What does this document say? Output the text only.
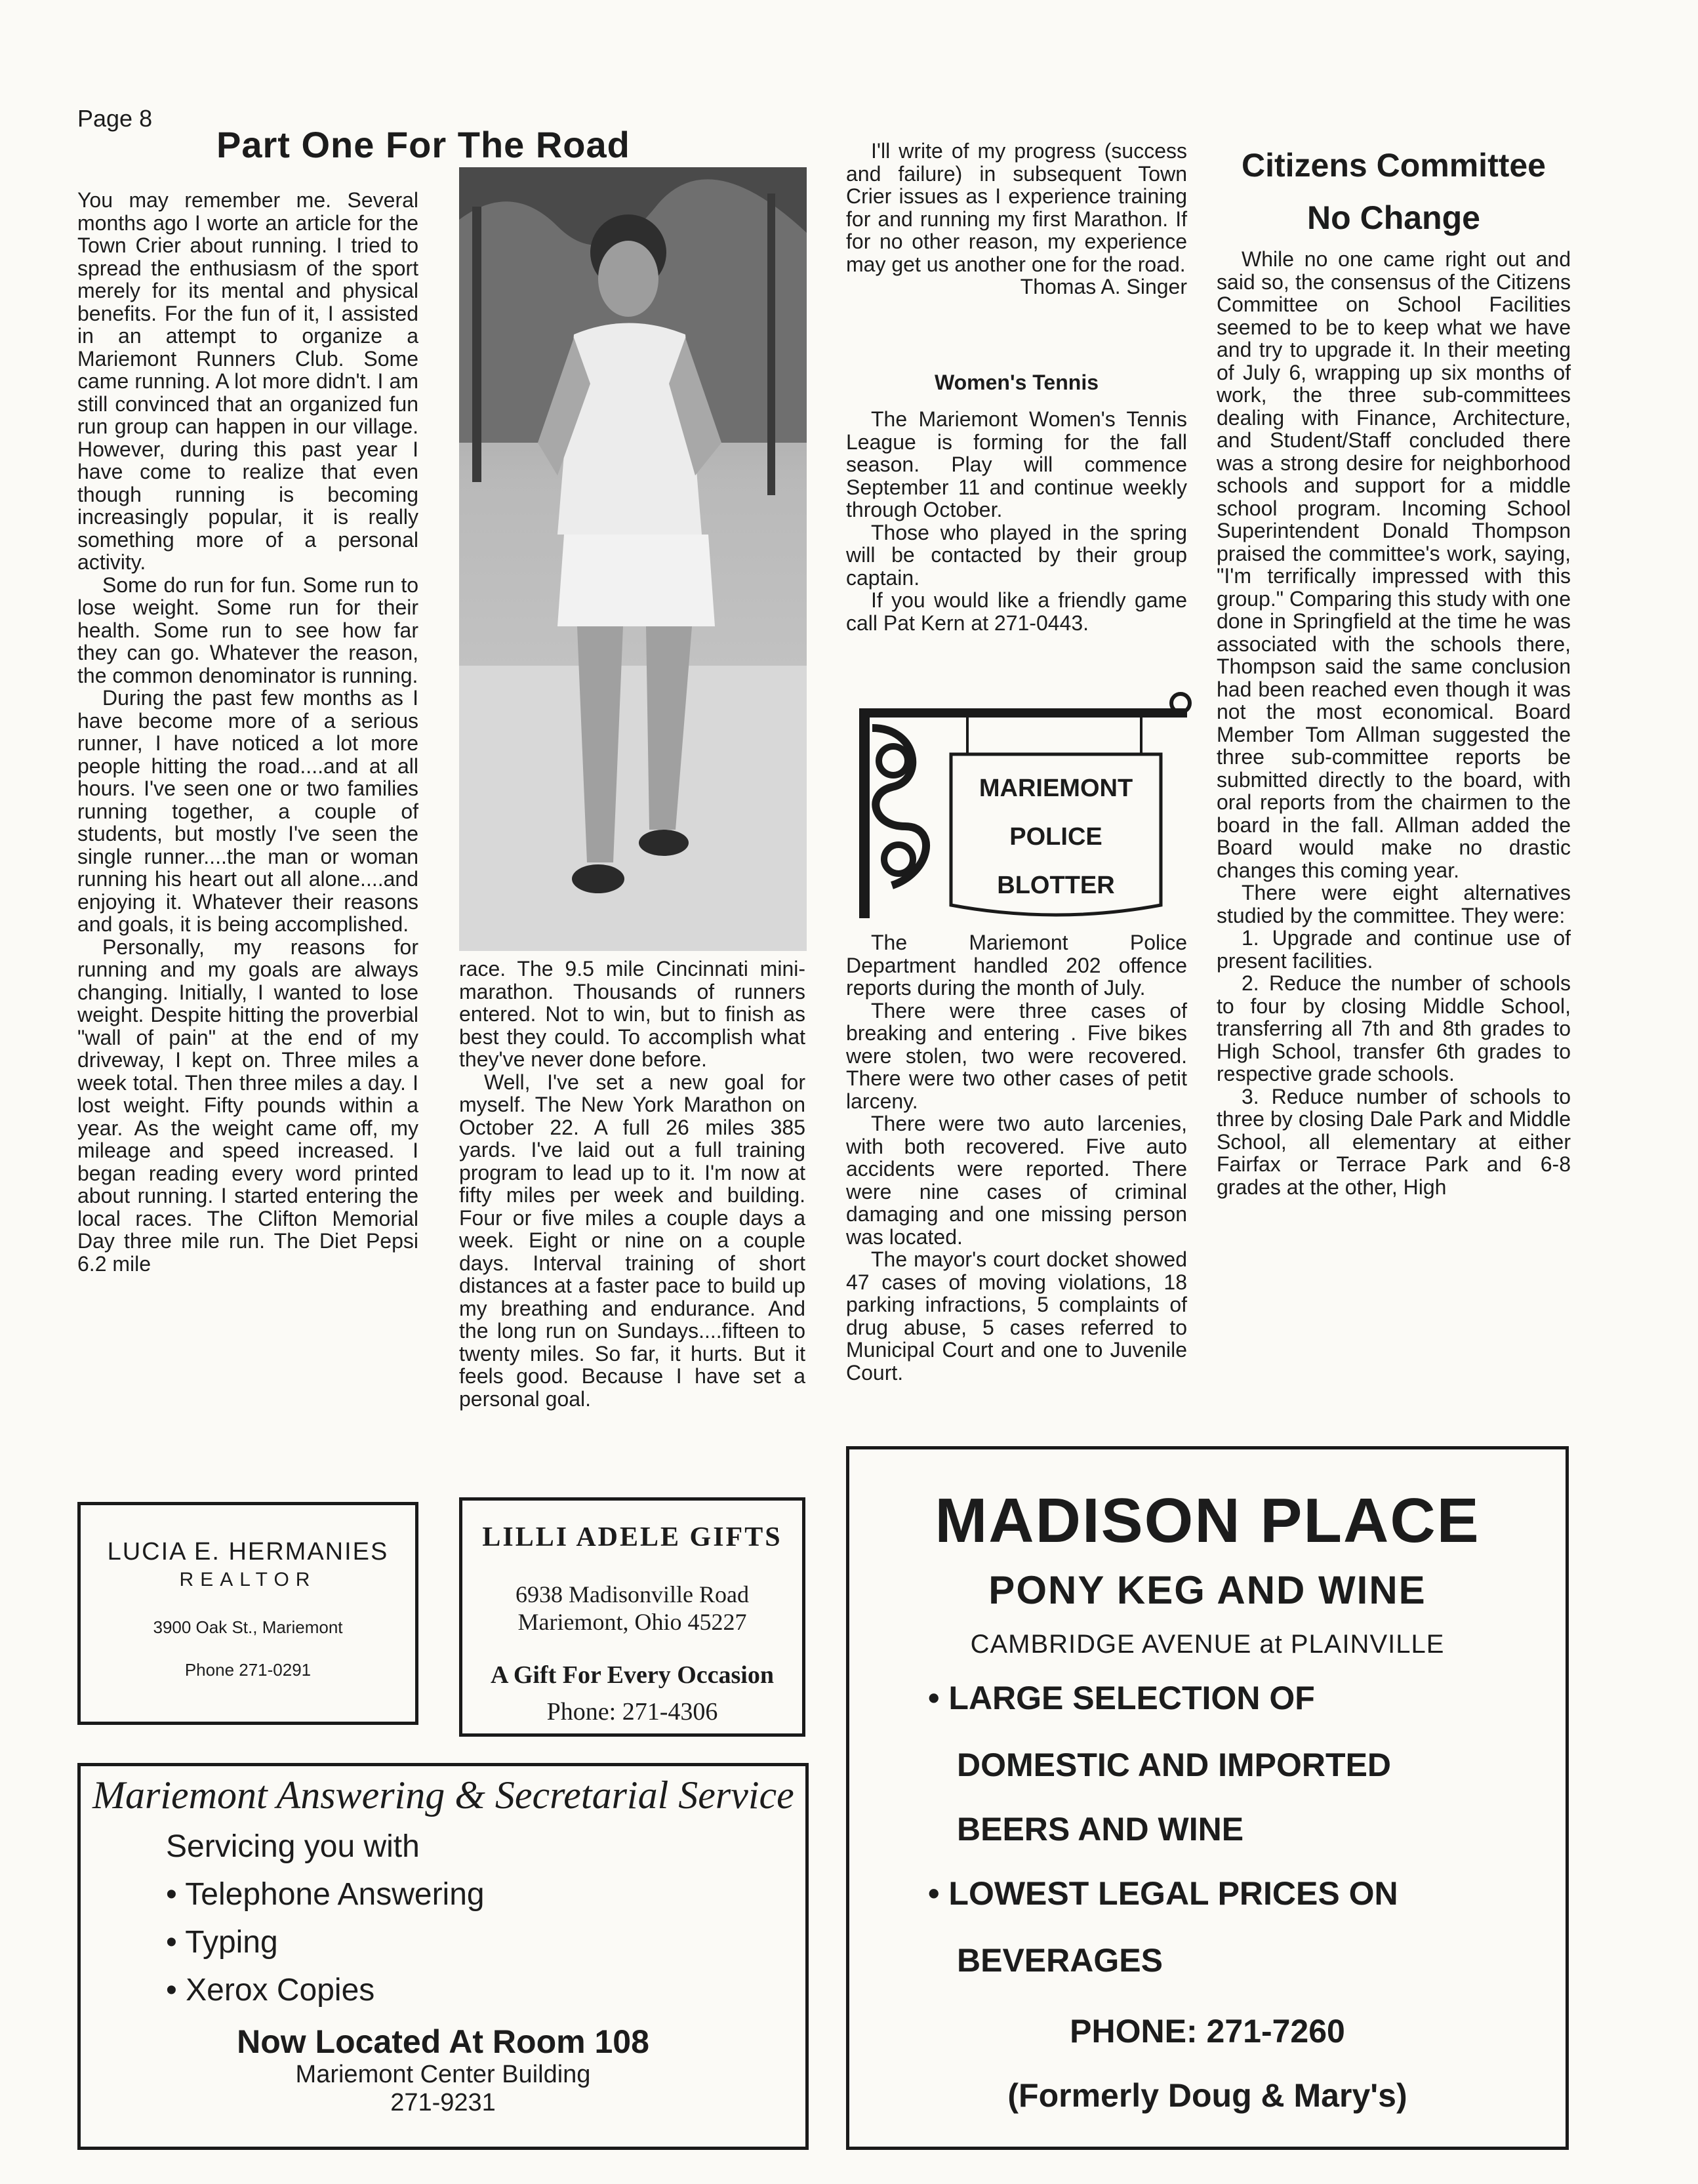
Page 8
Part One For The Road

You may remember me. Several months ago I worte an article for the Town Crier about running. I tried to spread the enthusiasm of the sport merely for its mental and physical benefits. For the fun of it, I assisted in an attempt to organize a Mariemont Runners Club. Some came running. A lot more didn't. I am still convinced that an organized fun run group can happen in our village. However, during this past year I have come to realize that even though running is becoming increasingly popular, it is really something more of a personal activity.

Some do run for fun. Some run to lose weight. Some run for their health. Some run to see how far they can go. Whatever the reason, the common denominator is running.

During the past few months as I have become more of a serious runner, I have noticed a lot more people hitting the road....and at all hours. I've seen one or two families running together, a couple of students, but mostly I've seen the single runner....the man or woman running his heart out all alone....and enjoying it. Whatever their reasons and goals, it is being accomplished.

Personally, my reasons for running and my goals are always changing. Initially, I wanted to lose weight. Despite hitting the proverbial "wall of pain" at the end of my driveway, I kept on. Three miles a week total. Then three miles a day. I lost weight. Fifty pounds within a year. As the weight came off, my mileage and speed increased. I began reading every word printed about running. I started entering the local races. The Clifton Memorial Day three mile run. The Diet Pepsi 6.2 mile

race. The 9.5 mile Cincinnati mini-marathon. Thousands of runners entered. Not to win, but to finish as best they could. To accomplish what they've never done before.

Well, I've set a new goal for myself. The New York Marathon on October 22. A full 26 miles 385 yards. I've laid out a full training program to lead up to it. I'm now at fifty miles per week and building. Four or five miles a couple days a week. Eight or nine on a couple days. Interval training of short distances at a faster pace to build up my breathing and endurance. And the long run on Sundays....fifteen to twenty miles. So far, it hurts. But it feels good. Because I have set a personal goal.

I'll write of my progress (success and failure) in subsequent Town Crier issues as I experience training for and running my first Marathon. If for no other reason, my experience may get us another one for the road.

Thomas A. Singer
Women's Tennis

The Mariemont Women's Tennis League is forming for the fall season. Play will commence September 11 and continue weekly through October.

Those who played in the spring will be contacted by their group captain.

If you would like a friendly game call Pat Kern at 271-0443.

MARIEMONT
POLICE
BLOTTER

The Mariemont Police Department handled 202 offence reports during the month of July.

There were three cases of breaking and entering . Five bikes were stolen, two were recovered. There were two other cases of petit larceny.

There were two auto larcenies, with both recovered. Five auto accidents were reported. There were nine cases of criminal damaging and one missing person was located.

The mayor's court docket showed 47 cases of moving violations, 18 parking infractions, 5 complaints of drug abuse, 5 cases referred to Municipal Court and one to Juvenile Court.

Citizens Committee
No Change

While no one came right out and said so, the consensus of the Citizens Committee on School Facilities seemed to be to keep what we have and try to upgrade it. In their meeting of July 6, wrapping up six months of work, the three sub-committees dealing with Finance, Architecture, and Student/Staff concluded there was a strong desire for neighborhood schools and support for a middle school program. Incoming School Superintendent Donald Thompson praised the committee's work, saying, "I'm terrifically impressed with this group." Comparing this study with one done in Springfield at the time he was associated with the schools there, Thompson said the same conclusion had been reached even though it was not the most economical. Board Member Tom Allman suggested the three sub-committee reports be submitted directly to the board, with oral reports from the chairmen to the board in the fall. Allman added the Board would make no drastic changes this coming year.

There were eight alternatives studied by the committee. They were:

1. Upgrade and continue use of present facilities.

2. Reduce the number of schools to four by closing Middle School, transferring all 7th and 8th grades to High School, transfer 6th grades to respective grade schools.

3. Reduce number of schools to three by closing Dale Park and Middle School, all elementary at either Fairfax or Terrace Park and 6-8 grades at the other, High

LUCIA E. HERMANIES
REALTOR
3900 Oak St., Mariemont
Phone 271-0291
LILLI ADELE GIFTS
6938 Madisonville Road
Mariemont, Ohio 45227
A Gift For Every Occasion
Phone: 271-4306
Mariemont Answering & Secretarial Service
Servicing you with
• Telephone Answering
• Typing
• Xerox Copies
Now Located At Room 108
Mariemont Center Building
271-9231
MADISON PLACE
PONY KEG AND WINE
CAMBRIDGE AVENUE at PLAINVILLE

• LARGE SELECTION OF

DOMESTIC AND IMPORTED

BEERS AND WINE

• LOWEST LEGAL PRICES ON

BEVERAGES

PHONE: 271-7260
(Formerly Doug & Mary's)
